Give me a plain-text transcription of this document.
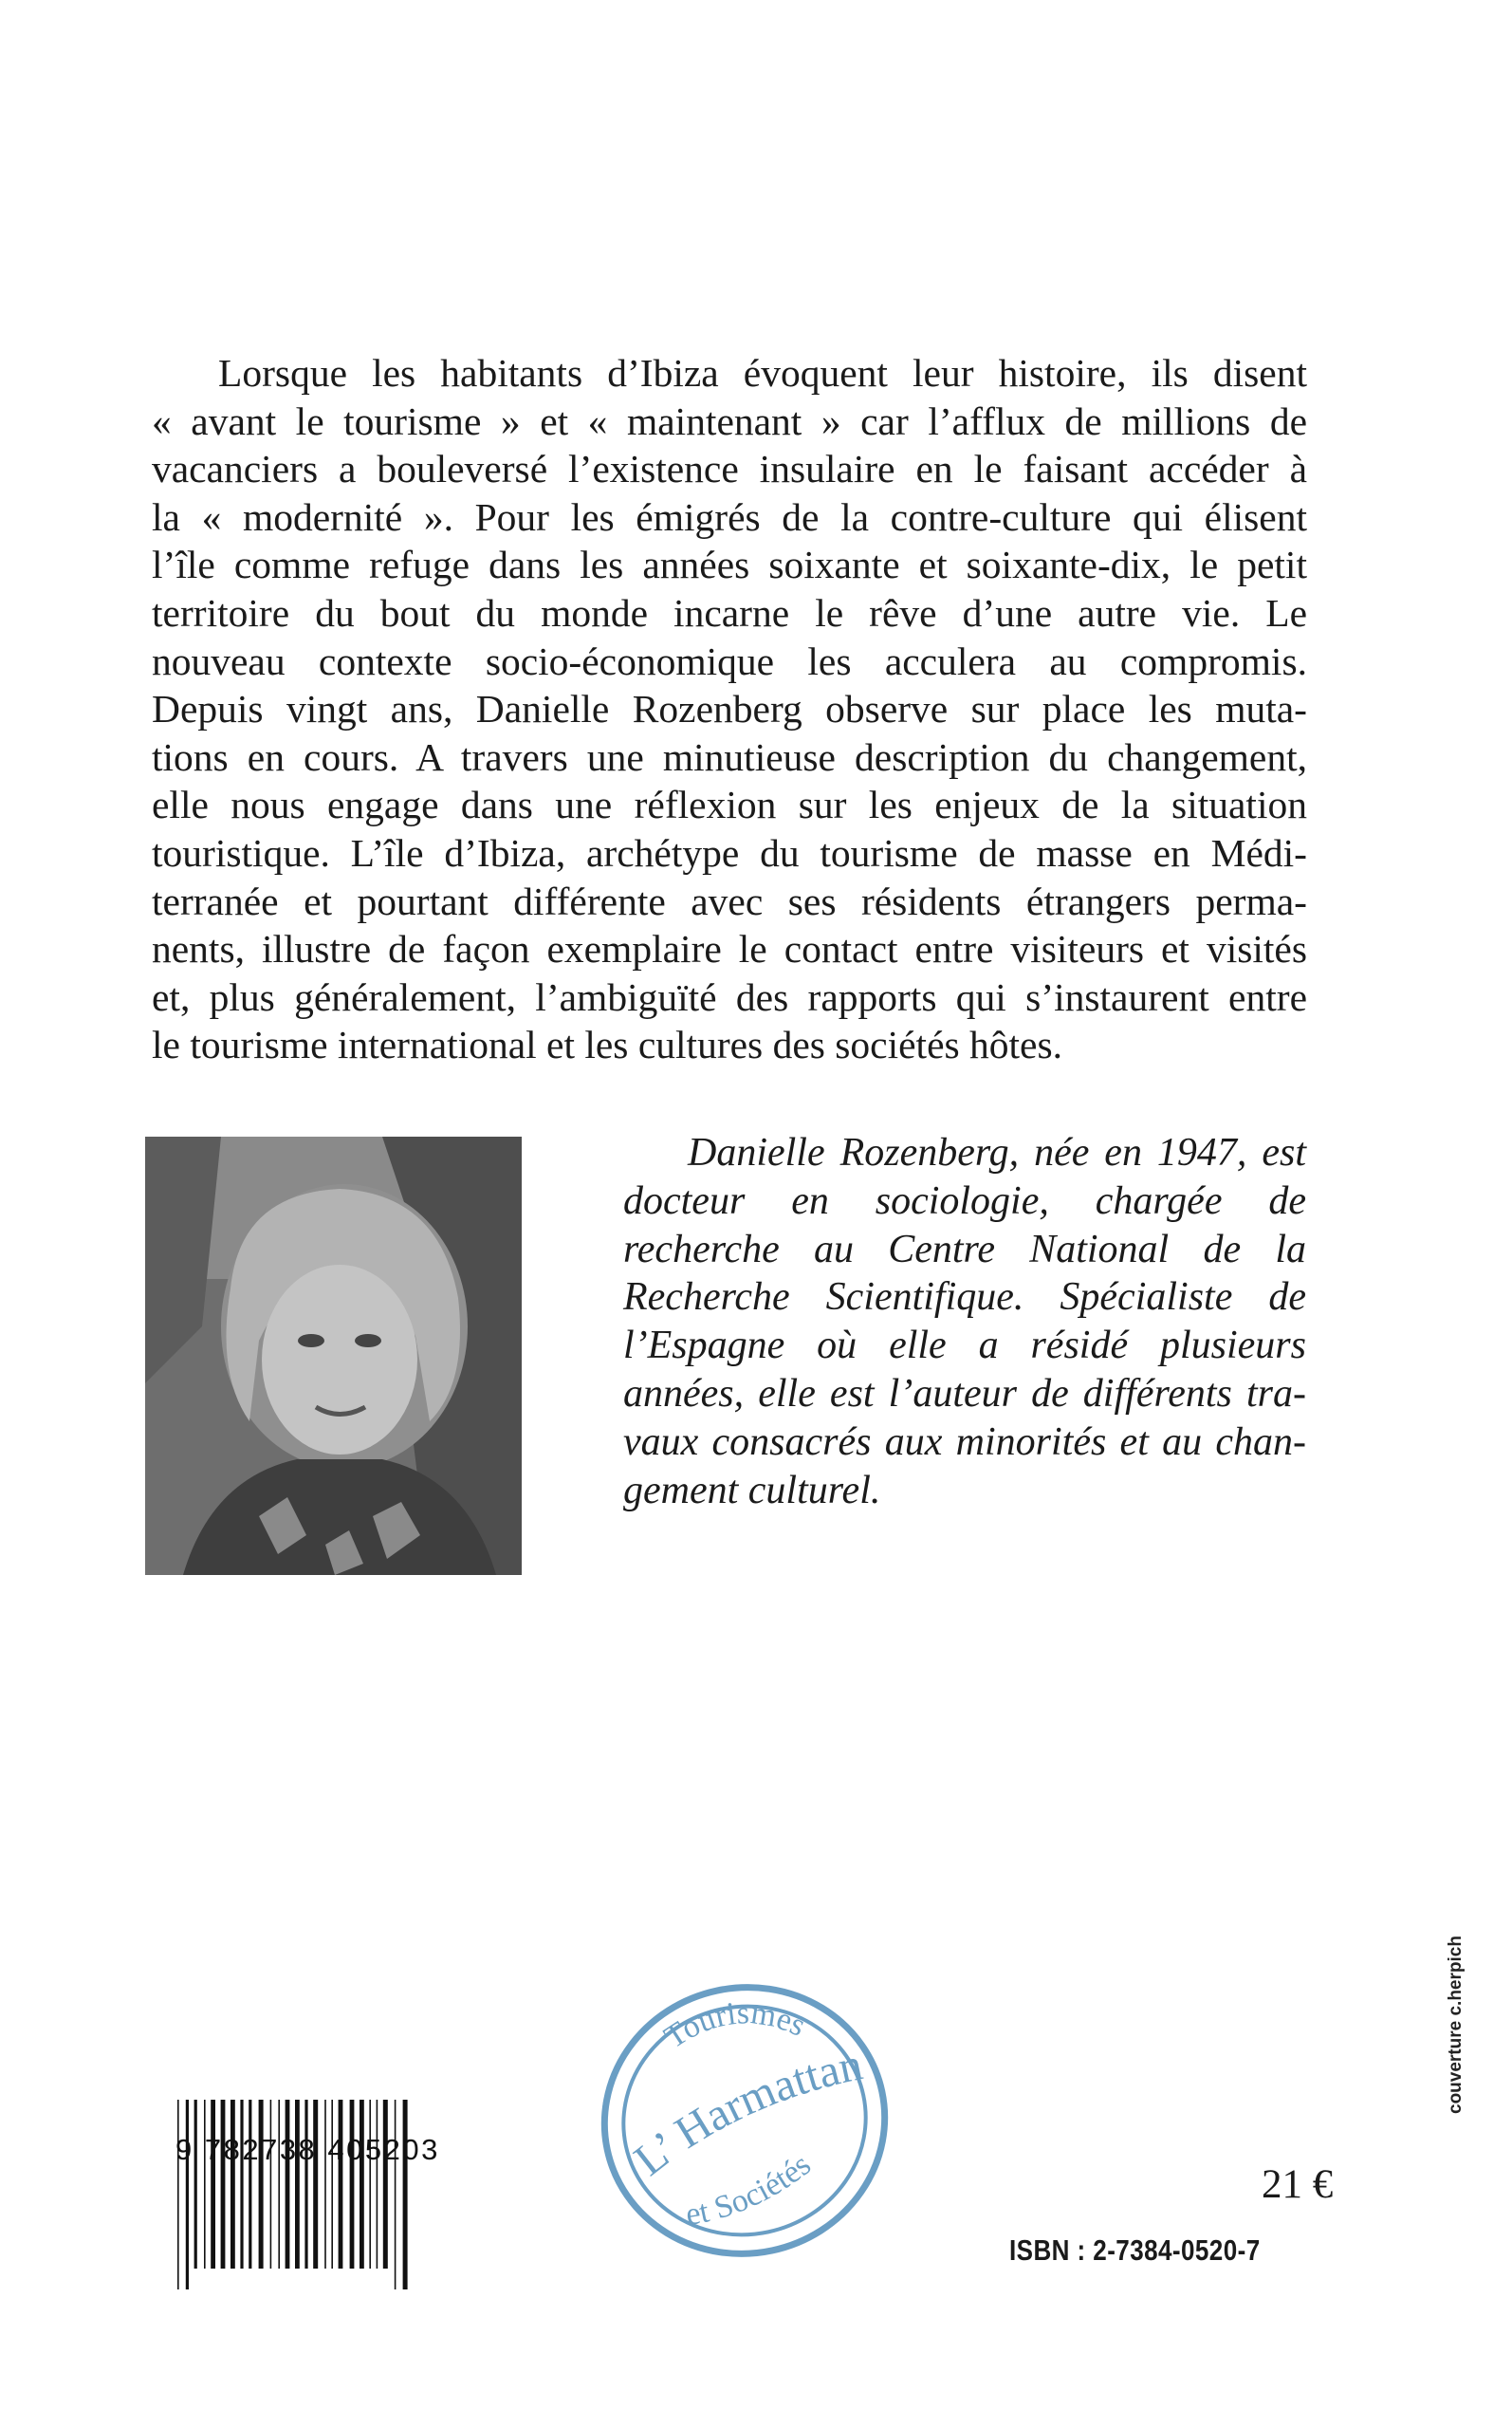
Lorsque les habitants d’Ibiza évoquent leur histoire, ils disent
« avant le tourisme » et « maintenant » car l’afflux de millions de
vacanciers a bouleversé l’existence insulaire en le faisant accéder à
la « modernité ». Pour les émigrés de la contre-culture qui élisent
l’île comme refuge dans les années soixante et soixante-dix, le petit
territoire du bout du monde incarne le rêve d’une autre vie. Le
nouveau contexte socio-économique les acculera au compromis.
Depuis vingt ans, Danielle Rozenberg observe sur place les muta-
tions en cours. A travers une minutieuse description du changement,
elle nous engage dans une réflexion sur les enjeux de la situation
touristique. L’île d’Ibiza, archétype du tourisme de masse en Médi-
terranée et pourtant différente avec ses résidents étrangers perma-
nents, illustre de façon exemplaire le contact entre visiteurs et visités
et, plus généralement, l’ambiguïté des rapports qui s’instaurent entre
le tourisme international et les cultures des sociétés hôtes.
Danielle Rozenberg, née en 1947, est
docteur en sociologie, chargée de
recherche au Centre National de la
Recherche Scientifique. Spécialiste de
l’Espagne où elle a résidé plusieurs
années, elle est l’auteur de différents tra-
vaux consacrés aux minorités et au chan-
gement culturel.
9 782738 405203
Tourismes
L’ Harmattan
et Sociétés	21 €
ISBN : 2-7384-0520-7
couverture c.herpich
